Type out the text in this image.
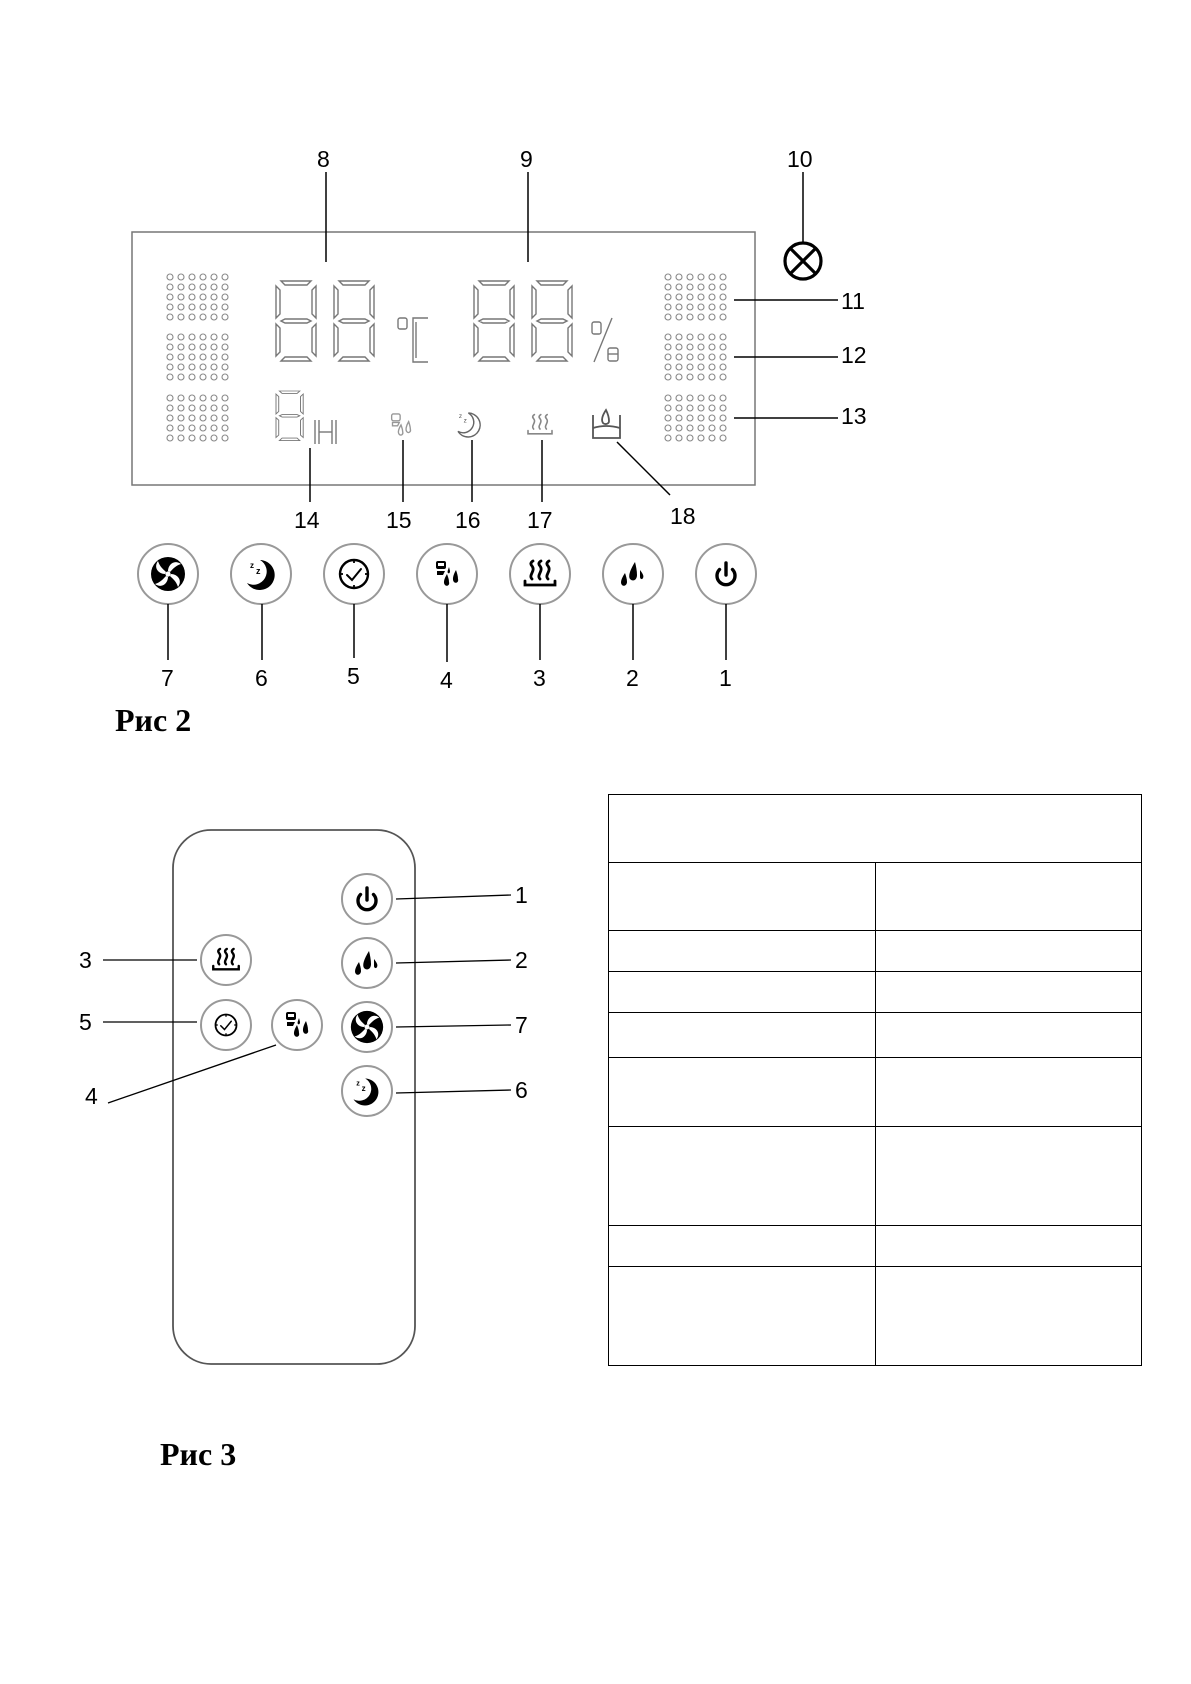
88
z
z
8	9	10
11
12
13
14	15 16 17	18
7	6	5	4	3	2	1
1
2
3
4
5
6
7

Рис 2

Рис 3
